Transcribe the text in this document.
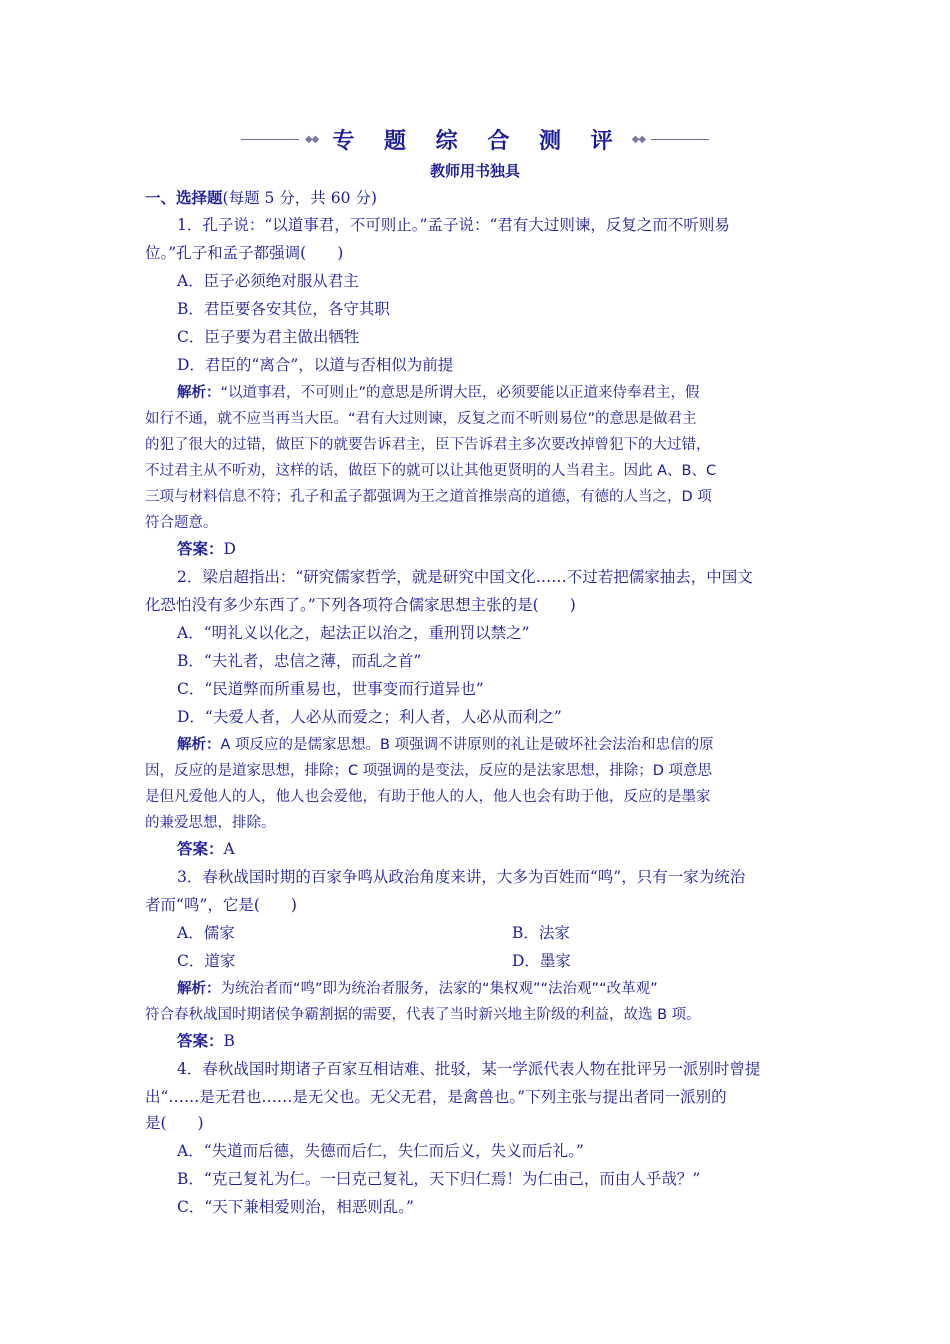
◆◆ 专 题 综 合 测 评 ◆◆
教师用书独具
一、选择题(每题 5 分，共 60 分)
1．孔子说：“以道事君，不可则止。”孟子说：“君有大过则谏，反复之而不听则易
位。”孔子和孟子都强调(　　)
A．臣子必须绝对服从君主
B．君臣要各安其位，各守其职
C．臣子要为君主做出牺牲
D．君臣的“离合”，以道与否相似为前提
解析：“以道事君，不可则止”的意思是所谓大臣，必须要能以正道来侍奉君主，假
如行不通，就不应当再当大臣。“君有大过则谏，反复之而不听则易位”的意思是做君主
的犯了很大的过错，做臣下的就要告诉君主，臣下告诉君主多次要改掉曾犯下的大过错，
不过君主从不听劝，这样的话，做臣下的就可以让其他更贤明的人当君主。因此 A、B、C
三项与材料信息不符；孔子和孟子都强调为王之道首推崇高的道德，有德的人当之，D 项
符合题意。
答案：D
2．梁启超指出：“研究儒家哲学，就是研究中国文化……不过若把儒家抽去，中国文
化恐怕没有多少东西了。”下列各项符合儒家思想主张的是(　　)
A．“明礼义以化之，起法正以治之，重刑罚以禁之”
B．“夫礼者，忠信之薄，而乱之首”
C．“民道弊而所重易也，世事变而行道异也”
D．“夫爱人者，人必从而爱之；利人者，人必从而利之”
解析：A 项反应的是儒家思想。B 项强调不讲原则的礼让是破坏社会法治和忠信的原
因，反应的是道家思想，排除；C 项强调的是变法，反应的是法家思想，排除；D 项意思
是但凡爱他人的人，他人也会爱他，有助于他人的人，他人也会有助于他，反应的是墨家
的兼爱思想，排除。
答案：A
3．春秋战国时期的百家争鸣从政治角度来讲，大多为百姓而“鸣”，只有一家为统治
者而“鸣”，它是(　　)
A．儒家	B．法家
C．道家	D．墨家
解析：为统治者而“鸣”即为统治者服务，法家的“集权观”“法治观”“改革观”
符合春秋战国时期诸侯争霸割据的需要，代表了当时新兴地主阶级的利益，故选 B 项。
答案：B
4．春秋战国时期诸子百家互相诘难、批驳，某一学派代表人物在批评另一派别时曾提
出“……是无君也……是无父也。无父无君，是禽兽也。”下列主张与提出者同一派别的
是(　　)
A．“失道而后德，失德而后仁，失仁而后义，失义而后礼。”
B．“克己复礼为仁。一曰克己复礼，天下归仁焉！为仁由己，而由人乎哉？”
C．“天下兼相爱则治，相恶则乱。”
